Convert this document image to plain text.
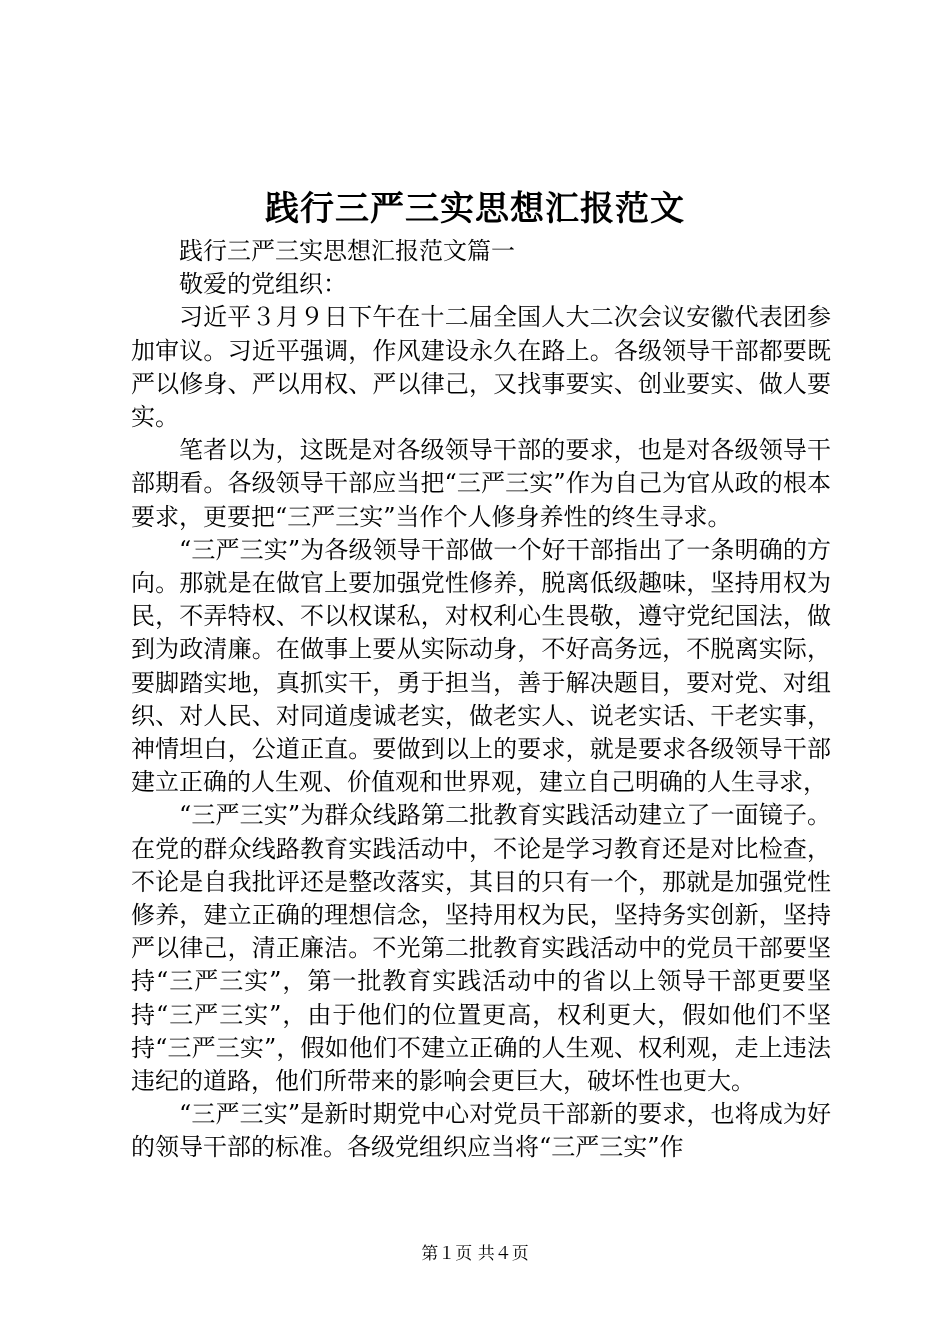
践行三严三实思想汇报范文

践行三严三实思想汇报范文篇一

敬爱的党组织：

习近平３月９日下午在十二届全国人大二次会议安徽代表团参加审议。习近平强调，作风建设永久在路上。各级领导干部都要既严以修身、严以用权、严以律己，又找事要实、创业要实、做人要实。

笔者以为，这既是对各级领导干部的要求，也是对各级领导干部期看。各级领导干部应当把“三严三实”作为自己为官从政的根本要求，更要把“三严三实”当作个人修身养性的终生寻求。

“三严三实”为各级领导干部做一个好干部指出了一条明确的方向。那就是在做官上要加强党性修养，脱离低级趣味，坚持用权为民，不弄特权、不以权谋私，对权利心生畏敬，遵守党纪国法，做到为政清廉。在做事上要从实际动身，不好高务远，不脱离实际，要脚踏实地，真抓实干，勇于担当，善于解决题目，要对党、对组织、对人民、对同道虔诚老实，做老实人、说老实话、干老实事，神情坦白，公道正直。要做到以上的要求，就是要求各级领导干部建立正确的人生观、价值观和世界观，建立自己明确的人生寻求，

“三严三实”为群众线路第二批教育实践活动建立了一面镜子。在党的群众线路教育实践活动中，不论是学习教育还是对比检查，不论是自我批评还是整改落实，其目的只有一个，那就是加强党性修养，建立正确的理想信念，坚持用权为民，坚持务实创新，坚持严以律己，清正廉洁。不光第二批教育实践活动中的党员干部要坚持“三严三实”，第一批教育实践活动中的省以上领导干部更要坚持“三严三实”，由于他们的位置更高，权利更大，假如他们不坚持“三严三实”，假如他们不建立正确的人生观、权利观，走上违法违纪的道路，他们所带来的影响会更巨大，破坏性也更大。

“三严三实”是新时期党中心对党员干部新的要求，也将成为好的领导干部的标准。各级党组织应当将“三严三实”作

第１页 共４页
